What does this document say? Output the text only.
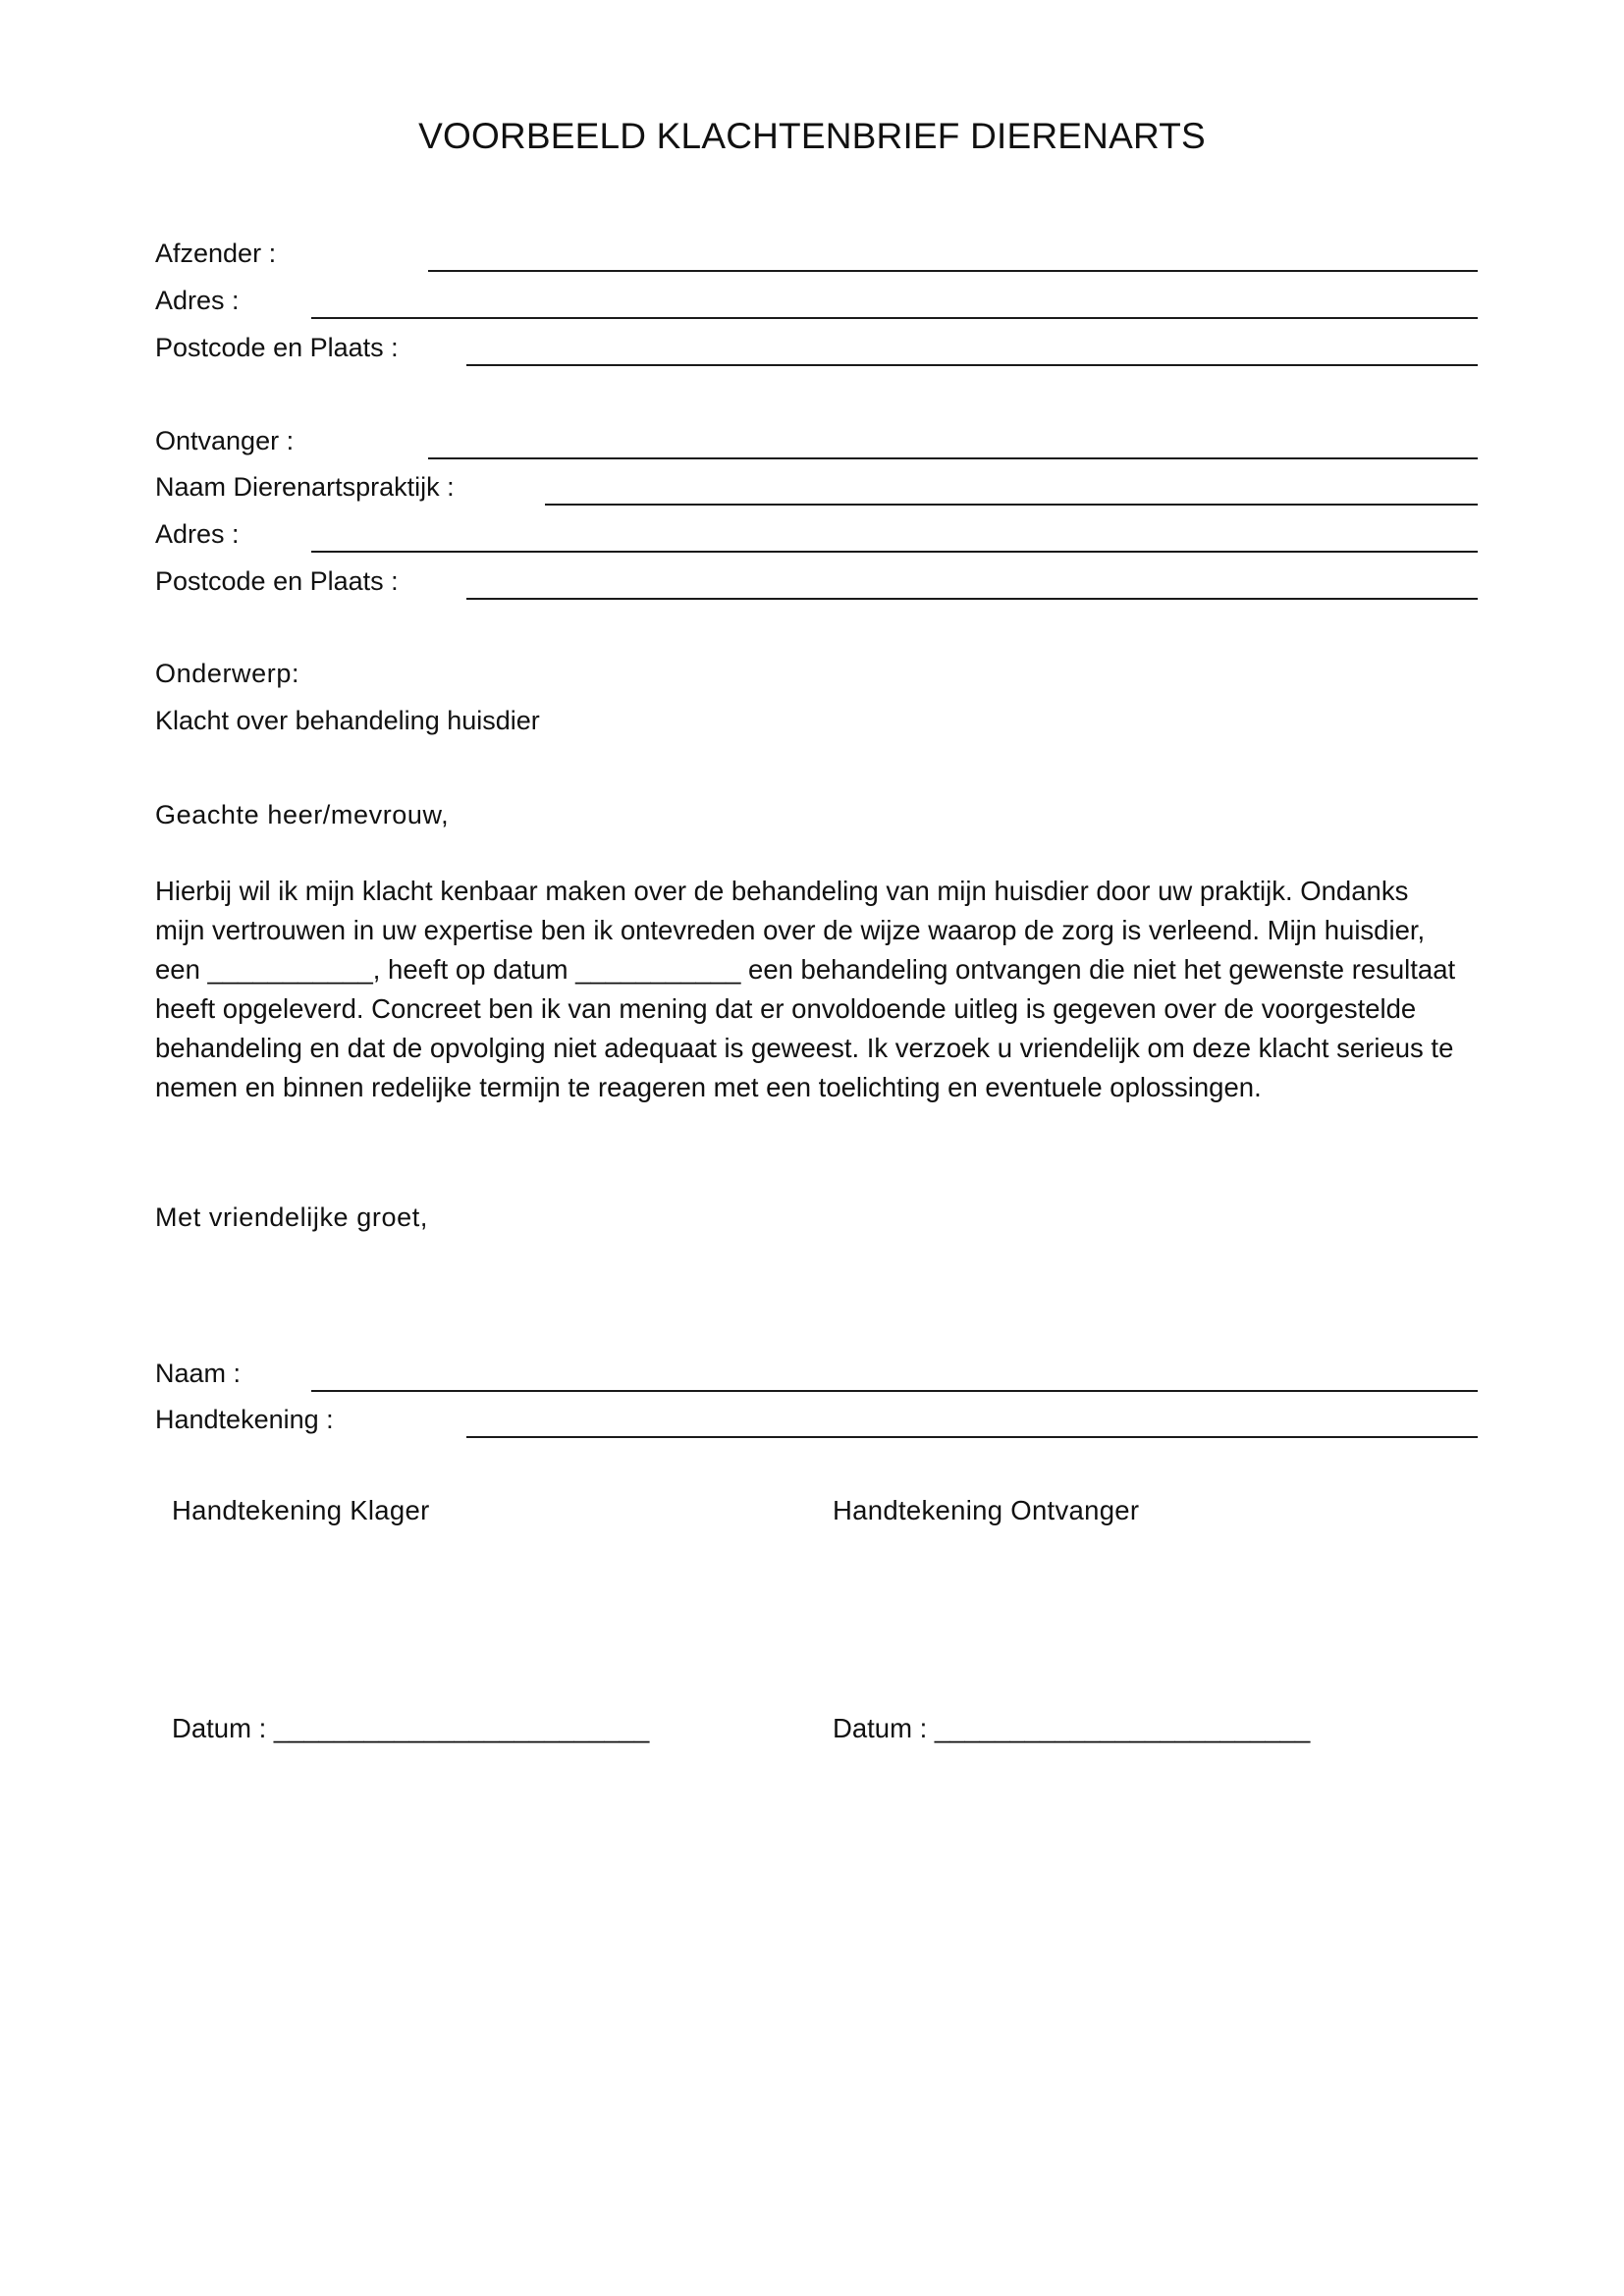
VOORBEELD KLACHTENBRIEF DIERENARTS
Afzender :
Adres :
Postcode en Plaats :
Ontvanger :
Naam Dierenartspraktijk :
Adres :
Postcode en Plaats :
Onderwerp:
Klacht over behandeling huisdier
Geachte heer/mevrouw,
Hierbij wil ik mijn klacht kenbaar maken over de behandeling van mijn huisdier door uw praktijk. Ondanks
mijn vertrouwen in uw expertise ben ik ontevreden over de wijze waarop de zorg is verleend. Mijn huisdier,
een ___________, heeft op datum ___________ een behandeling ontvangen die niet het gewenste resultaat
heeft opgeleverd. Concreet ben ik van mening dat er onvoldoende uitleg is gegeven over de voorgestelde
behandeling en dat de opvolging niet adequaat is geweest. Ik verzoek u vriendelijk om deze klacht serieus te
nemen en binnen redelijke termijn te reageren met een toelichting en eventuele oplossingen.
Met vriendelijke groet,
Naam :
Handtekening :
Handtekening Klager	Handtekening Ontvanger
Datum : _________________________	Datum : _________________________
